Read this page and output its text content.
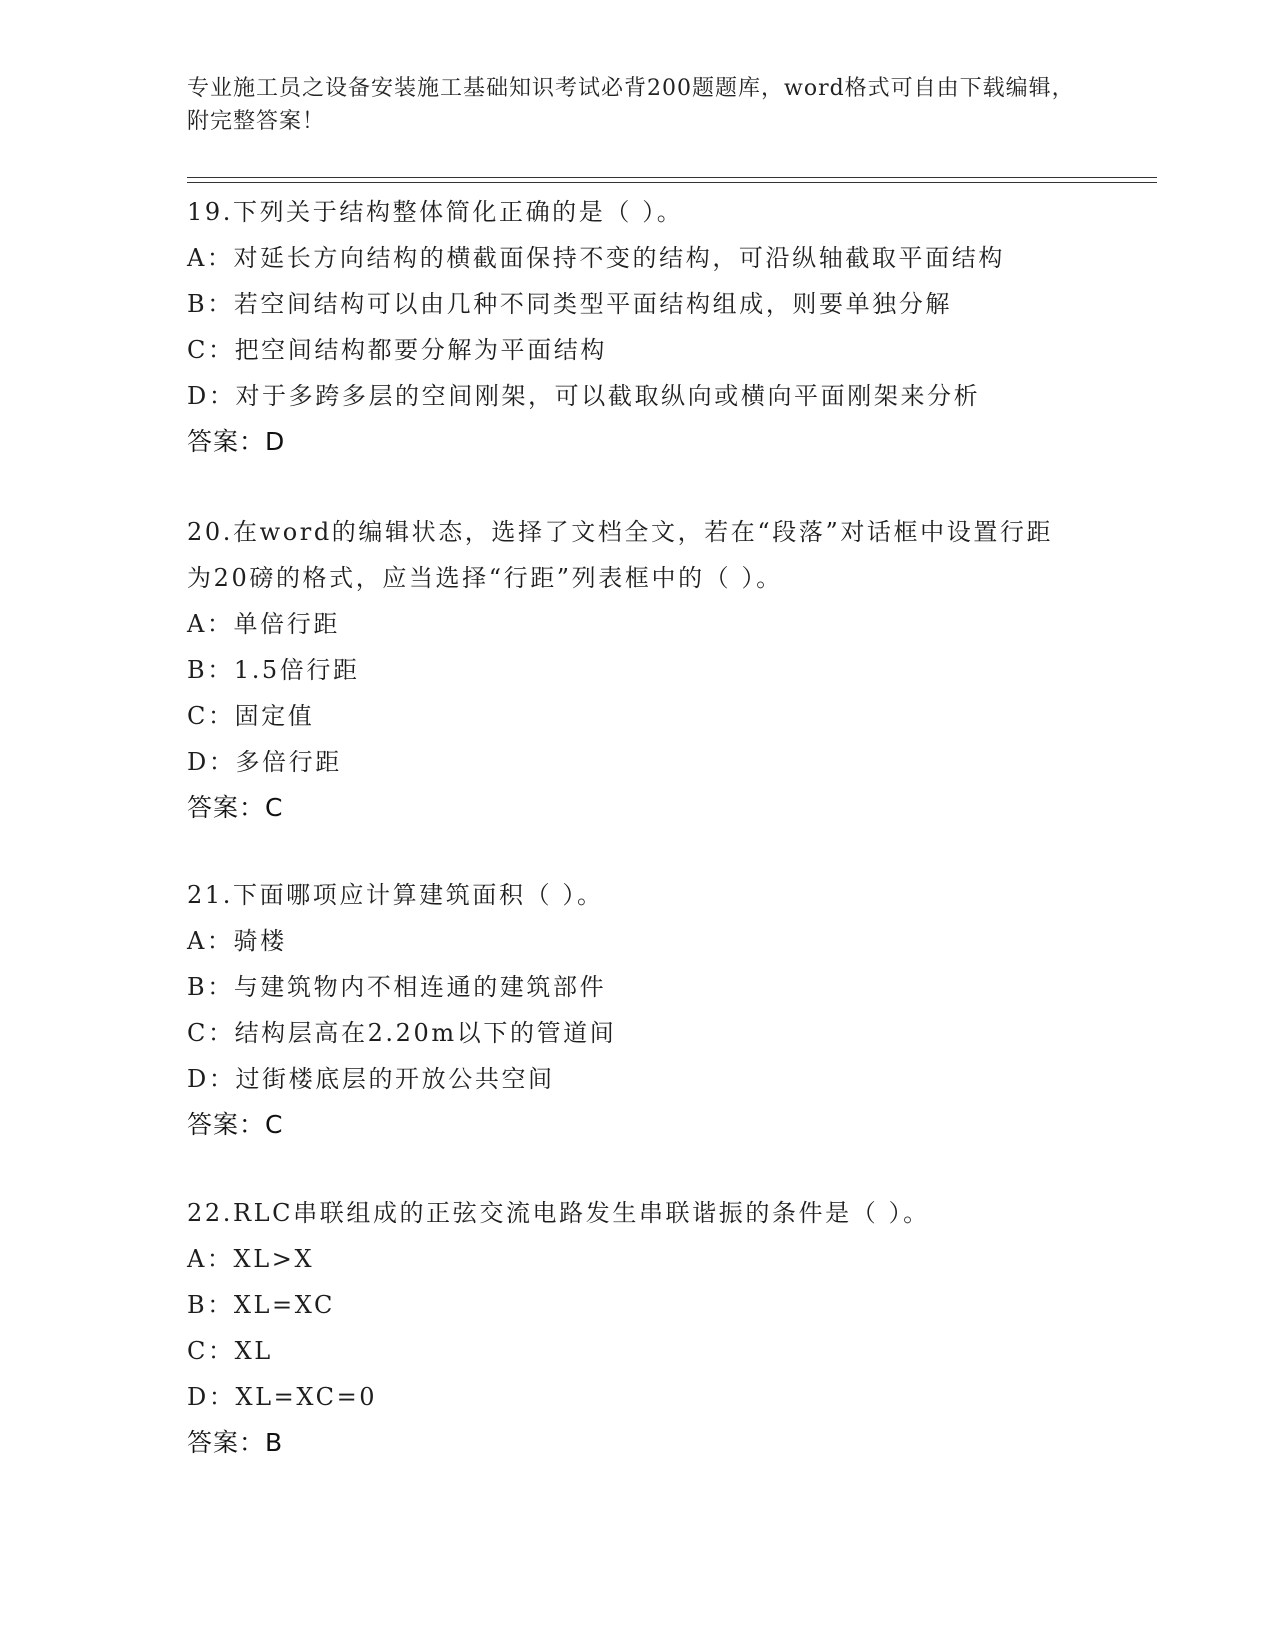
专业施工员之设备安装施工基础知识考试必背200题题库，word格式可自由下载编辑，附完整答案！
19.下列关于结构整体简化正确的是（ ）。
A：对延长方向结构的横截面保持不变的结构，可沿纵轴截取平面结构
B：若空间结构可以由几种不同类型平面结构组成，则要单独分解
C：把空间结构都要分解为平面结构
D：对于多跨多层的空间刚架，可以截取纵向或横向平面刚架来分析
答案：D
20.在word的编辑状态，选择了文档全文，若在“段落”对话框中设置行距为20磅的格式，应当选择“行距”列表框中的（ ）。
A：单倍行距
B：1.5倍行距
C：固定值
D：多倍行距
答案：C
21.下面哪项应计算建筑面积（ ）。
A：骑楼
B：与建筑物内不相连通的建筑部件
C：结构层高在2.20m以下的管道间
D：过街楼底层的开放公共空间
答案：C
22.RLC串联组成的正弦交流电路发生串联谐振的条件是（ ）。
A：XL>X
B：XL=XC
C：XL
D：XL=XC=0
答案：B
